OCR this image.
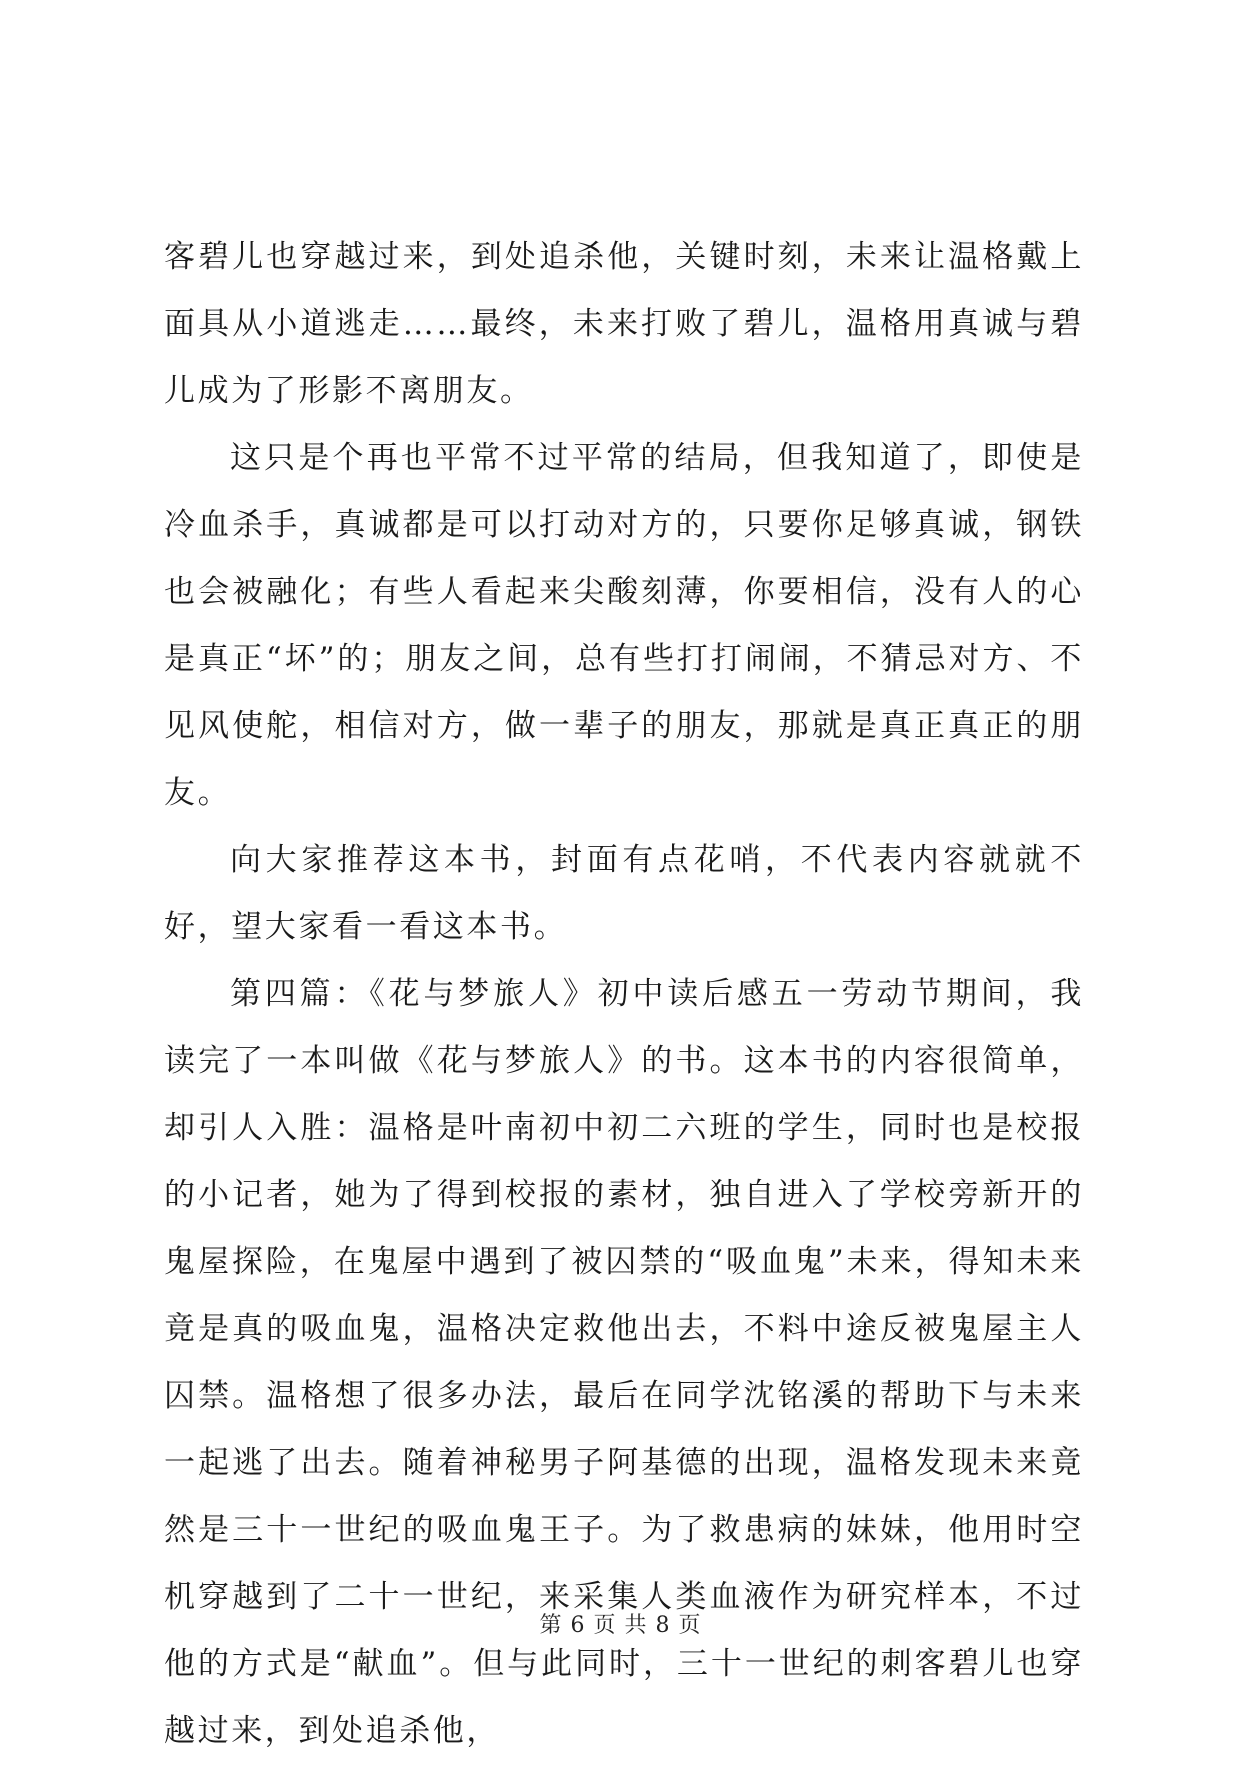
客碧儿也穿越过来，到处追杀他，关键时刻，未来让温格戴上面具从小道逃走……最终，未来打败了碧儿，温格用真诚与碧儿成为了形影不离朋友。

这只是个再也平常不过平常的结局，但我知道了，即使是冷血杀手，真诚都是可以打动对方的，只要你足够真诚，钢铁也会被融化；有些人看起来尖酸刻薄，你要相信，没有人的心是真正“坏”的；朋友之间，总有些打打闹闹，不猜忌对方、不见风使舵，相信对方，做一辈子的朋友，那就是真正真正的朋友。

向大家推荐这本书，封面有点花哨，不代表内容就就不好，望大家看一看这本书。

第四篇：《花与梦旅人》初中读后感五一劳动节期间，我读完了一本叫做《花与梦旅人》的书。这本书的内容很简单，却引人入胜：温格是叶南初中初二六班的学生，同时也是校报的小记者，她为了得到校报的素材，独自进入了学校旁新开的鬼屋探险，在鬼屋中遇到了被囚禁的“吸血鬼”未来，得知未来竟是真的吸血鬼，温格决定救他出去，不料中途反被鬼屋主人囚禁。温格想了很多办法，最后在同学沈铭溪的帮助下与未来一起逃了出去。随着神秘男子阿基德的出现，温格发现未来竟然是三十一世纪的吸血鬼王子。为了救患病的妹妹，他用时空机穿越到了二十一世纪，来采集人类血液作为研究样本，不过他的方式是“献血”。但与此同时，三十一世纪的刺客碧儿也穿越过来，到处追杀他，

第 6 页 共 8 页
